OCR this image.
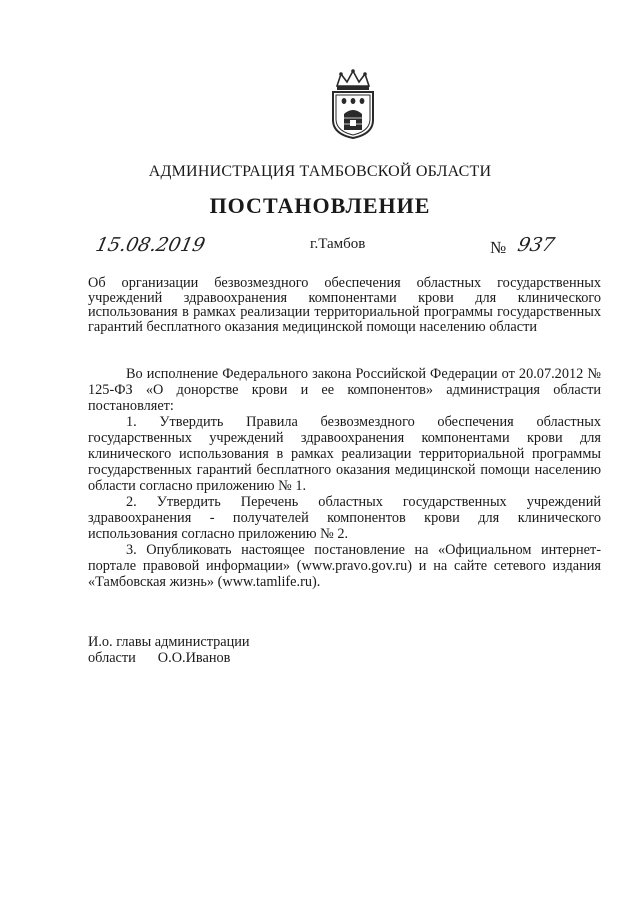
АДМИНИСТРАЦИЯ ТАМБОВСКОЙ ОБЛАСТИ
ПОСТАНОВЛЕНИЕ
15.08.2019	г.Тамбов	№ 937
Об организации безвозмездного обеспечения областных государственных учреждений здравоохранения компонентами крови для клинического использования в рамках реализации территориальной программы государственных гарантий бесплатного оказания медицинской помощи населению области

Во исполнение Федерального закона Российской Федерации от 20.07.2012 № 125-ФЗ «О донорстве крови и ее компонентов» администрация области постановляет:

1. Утвердить Правила безвозмездного обеспечения областных государственных учреждений здравоохранения компонентами крови для клинического использования в рамках реализации территориальной программы государственных гарантий бесплатного оказания медицинской помощи населению области согласно приложению № 1.

2. Утвердить Перечень областных государственных учреждений здравоохранения - получателей компонентов крови для клинического использования согласно приложению № 2.

3. Опубликовать настоящее постановление на «Официальном интернет-портале правовой информации» (www.pravo.gov.ru) и на сайте сетевого издания «Тамбовская жизнь» (www.tamlife.ru).

И.о. главы администрации
области О.О.Иванов
